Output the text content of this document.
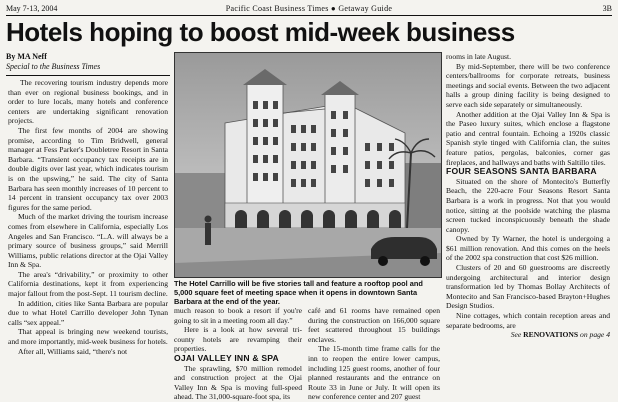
May 7-13, 2004	Pacific Coast Business Times ● Getaway Guide	3B
Hotels hoping to boost mid-week business
By MA Neff
Special to the Business Times

The recovering tourism industry depends more than ever on regional business bookings, and in order to lure locals, many hotels and conference centers are undertaking significant renovation projects.

The first few months of 2004 are showing promise, according to Tim Bridwell, general manager at Fess Parker's Doubletree Resort in Santa Barbara. “Transient occupancy tax receipts are in double digits over last year, which indicates tourism is on the upswing,” he said. The city of Santa Barbara has seen monthly increases of 10 percent to 14 percent in transient occupancy tax over 2003 figures for the same period.

Much of the market driving the tourism increase comes from elsewhere in California, especially Los Angeles and San Francisco. “L.A. will always be a primary source of business groups,” said Merrill Williams, public relations director at the Ojai Valley Inn & Spa.

The area's “drivability,” or proximity to other California destinations, kept it from experiencing major fallout from the post-Sept. 11 tourism decline.

In addition, cities like Santa Barbara are popular due to what Hotel Carrillo developer John Tynan calls “sex appeal.”

That appeal is bringing new weekend tourists, and more importantly, mid-week business for hotels.

After all, Williams said, “there's not

The Hotel Carrillo will be five stories tall and feature a rooftop pool and 5,000 square feet of meeting space when it opens in downtown Santa Barbara at the end of the year.

much reason to book a resort if you're going to sit in a meeting room all day.”

Here is a look at how several tri-county hotels are revamping their properties.

OJAI VALLEY INN & SPA

The sprawling, $70 million remodel and construction project at the Ojai Valley Inn & Spa is moving full-speed ahead. The 31,000-square-foot spa, its

café and 61 rooms have remained open during the construction on 166,000 square feet scattered throughout 15 buildings enclaves.

The 15-month time frame calls for the inn to reopen the entire lower campus, including 125 guest rooms, another of four planned restaurants and the entrance on Route 33 in June or July. It will open its new conference center and 207 guest

rooms in late August.

By mid-September, there will be two conference centers/ballrooms for corporate retreats, business meetings and social events. Between the two adjacent halls a group dining facility is being designed to serve each side separately or simultaneously.

Another addition at the Ojai Valley Inn & Spa is the Paseo luxury suites, which enclose a flagstone patio and central fountain. Echoing a 1920s classic Spanish style tinged with California clan, the suites feature patios, pergolas, balconies, corner gas fireplaces, and hallways and baths with Saltillo tiles.

FOUR SEASONS SANTA BARBARA

Situated on the shore of Montecito's Butterfly Beach, the 220-acre Four Seasons Resort Santa Barbara is a work in progress. Not that you would notice, sitting at the poolside watching the plasma screen tucked inconspicuously beneath the shade canopy.

Owned by Ty Warner, the hotel is undergoing a $61 million renovation. And this comes on the heels of the 2002 spa construction that cost $26 million.

Clusters of 20 and 60 guestrooms are discreetly undergoing architectural and interior design transformation led by Thomas Bollay Architects of Montecito and San Francisco-based Brayton+Hughes Design Studios.

Nine cottages, which contain reception areas and separate bedrooms, are

See RENOVATIONS on page 4
